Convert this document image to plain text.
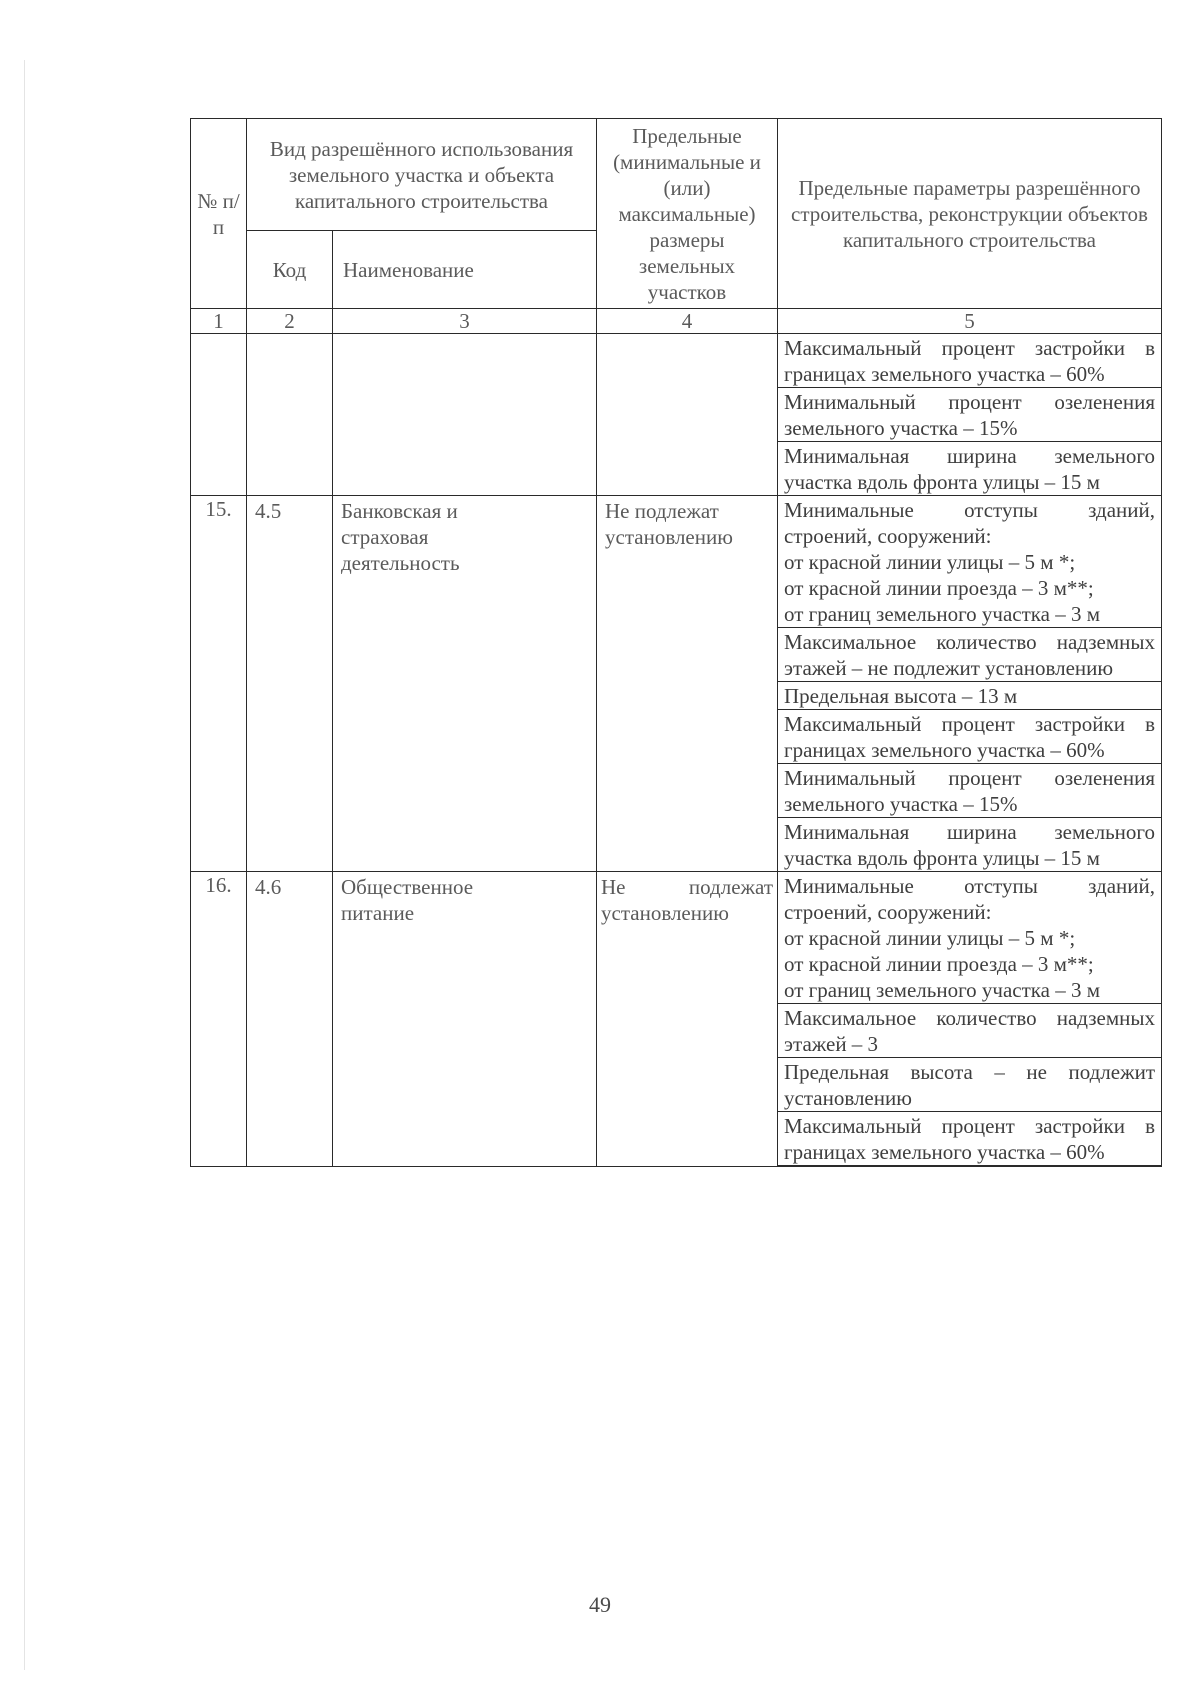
№ п/п	Вид разрешённого использования земельного участка и объекта капитального строительства		Предельные (минимальные и (или) максимальные) размеры земельных участков	Предельные параметры разрешённого строительства, реконструкции объектов капитального строительства
	Код	Наименование		
1	2	3	4	5
				Максимальный процент застройки в границах земельного участка – 60%
				Минимальный процент озеленения земельного участка – 15%
				Минимальная ширина земельного участка вдоль фронта улицы – 15 м
15.	4.5	Банковская и страховая деятельность	Не подлежат установлению	Минимальные отступы зданий, строений, сооружений:
от красной линии улицы – 5 м *;
от красной линии проезда – 3 м**;
от границ земельного участка – 3 м

				Максимальное количество надземных этажей – не подлежит установлению
				Предельная высота – 13 м
				Максимальный процент застройки в границах земельного участка – 60%
				Минимальный процент озеленения земельного участка – 15%
				Минимальная ширина земельного участка вдоль фронта улицы – 15 м
16.	4.6	Общественное питание	Не подлежат установлению	Минимальные отступы зданий, строений, сооружений:
от красной линии улицы – 5 м *;
от красной линии проезда – 3 м**;
от границ земельного участка – 3 м

				Максимальное количество надземных этажей – 3
				Предельная высота – не подлежит установлению
				Максимальный процент застройки в границах земельного участка – 60%
49
